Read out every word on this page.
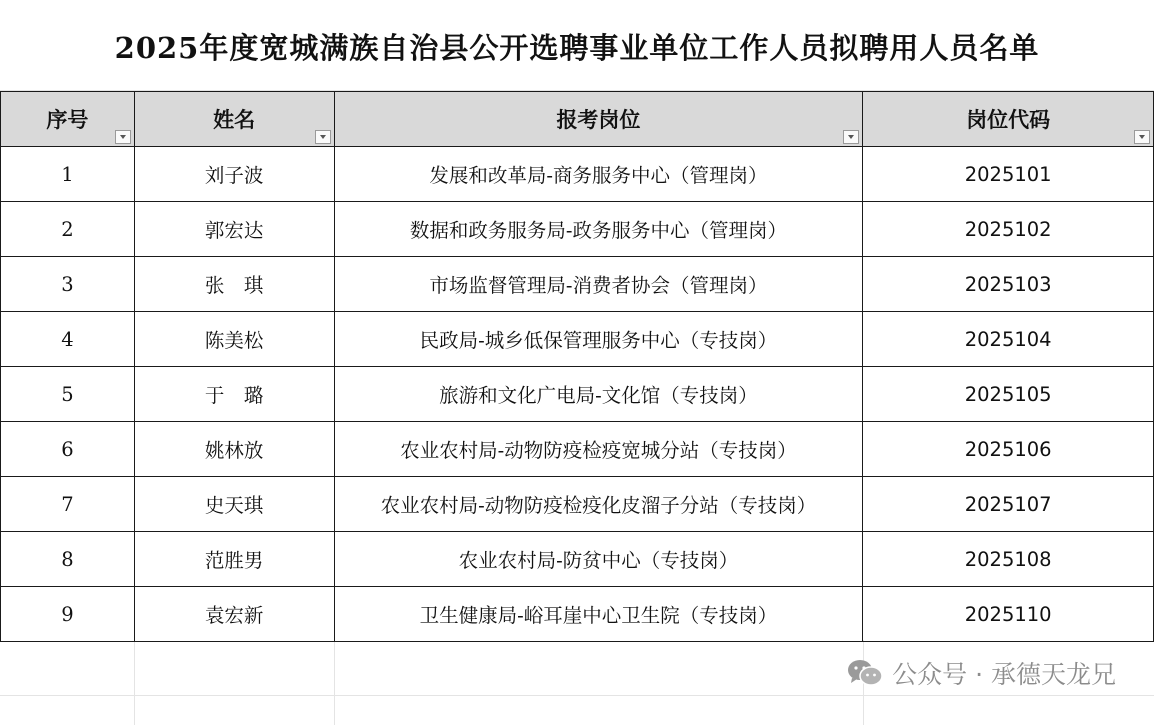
2025年度宽城满族自治县公开选聘事业单位工作人员拟聘用人员名单
序号	姓名	报考岗位	岗位代码

1	刘子波	发展和改革局-商务服务中心（管理岗）	2025101
2	郭宏达	数据和政务服务局-政务服务中心（管理岗）	2025102
3	张　琪	市场监督管理局-消费者协会（管理岗）	2025103
4	陈美松	民政局-城乡低保管理服务中心（专技岗）	2025104
5	于　璐	旅游和文化广电局-文化馆（专技岗）	2025105
6	姚林放	农业农村局-动物防疫检疫宽城分站（专技岗）	2025106
7	史天琪	农业农村局-动物防疫检疫化皮溜子分站（专技岗）	2025107
8	范胜男	农业农村局-防贫中心（专技岗）	2025108
9	袁宏新	卫生健康局-峪耳崖中心卫生院（专技岗）	2025110
公众号 · 承德天龙兄
